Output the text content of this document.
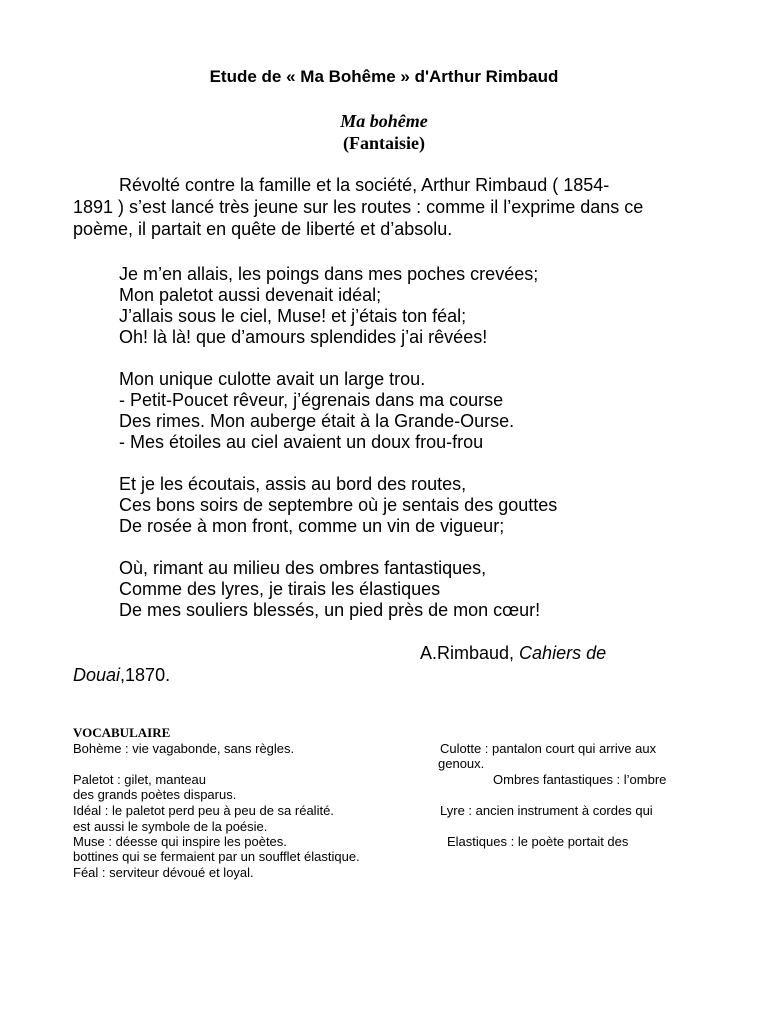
Etude de « Ma Bohême » d'Arthur Rimbaud
Ma bohême
(Fantaisie)
Révolté contre la famille et la société, Arthur Rimbaud ( 1854-
1891 ) s’est lancé très jeune sur les routes : comme il l’exprime dans ce
poème, il partait en quête de liberté et d’absolu.
Je m’en allais, les poings dans mes poches crevées;
Mon paletot aussi devenait idéal;
J’allais sous le ciel, Muse! et j’étais ton féal;
Oh! là là! que d’amours splendides j’ai rêvées!
Mon unique culotte avait un large trou.
- Petit-Poucet rêveur, j’égrenais dans ma course
Des rimes. Mon auberge était à la Grande-Ourse.
- Mes étoiles au ciel avaient un doux frou-frou
Et je les écoutais, assis au bord des routes,
Ces bons soirs de septembre où je sentais des gouttes
De rosée à mon front, comme un vin de vigueur;
Où, rimant au milieu des ombres fantastiques,
Comme des lyres, je tirais les élastiques
De mes souliers blessés, un pied près de mon cœur!
A.Rimbaud, Cahiers de
Douai,1870.
VOCABULAIRE
Bohème : vie vagabonde, sans règles.	Culotte : pantalon court qui arrive aux
genoux.
Paletot : gilet, manteau	Ombres fantastiques : l’ombre
des grands poètes disparus.
Idéal : le paletot perd peu à peu de sa réalité.	Lyre : ancien instrument à cordes qui
est aussi le symbole de la poésie.
Muse : déesse qui inspire les poètes.	Elastiques : le poète portait des
bottines qui se fermaient par un soufflet élastique.
Féal : serviteur dévoué et loyal.
